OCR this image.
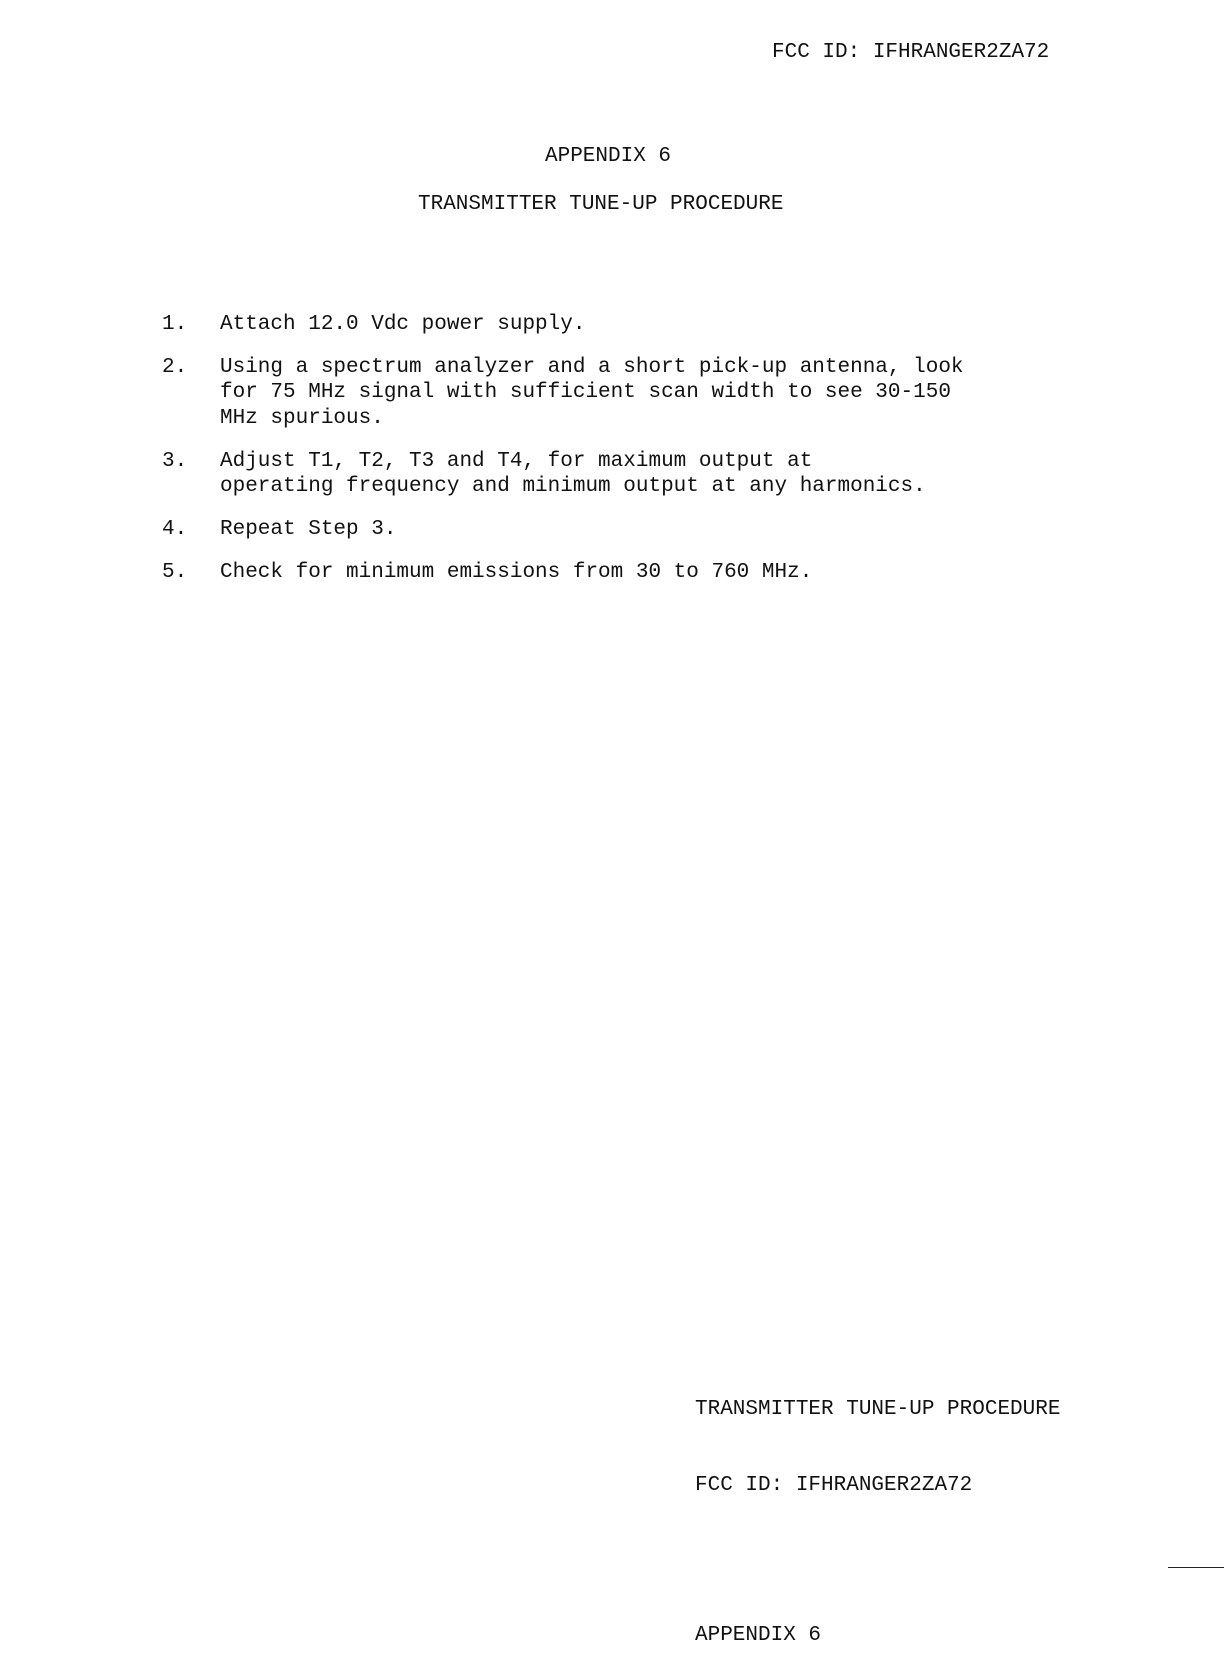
FCC ID: IFHRANGER2ZA72
APPENDIX 6
TRANSMITTER TUNE-UP PROCEDURE
1.	Attach 12.0 Vdc power supply.
2.	Using a spectrum analyzer and a short pick-up antenna, look
for 75 MHz signal with sufficient scan width to see 30-150
MHz spurious.
3.	Adjust T1, T2, T3 and T4, for maximum output at
operating frequency and minimum output at any harmonics.
4.	Repeat Step 3.
5.	Check for minimum emissions from 30 to 760 MHz.

TRANSMITTER TUNE-UP PROCEDURE

FCC ID: IFHRANGER2ZA72

APPENDIX 6
